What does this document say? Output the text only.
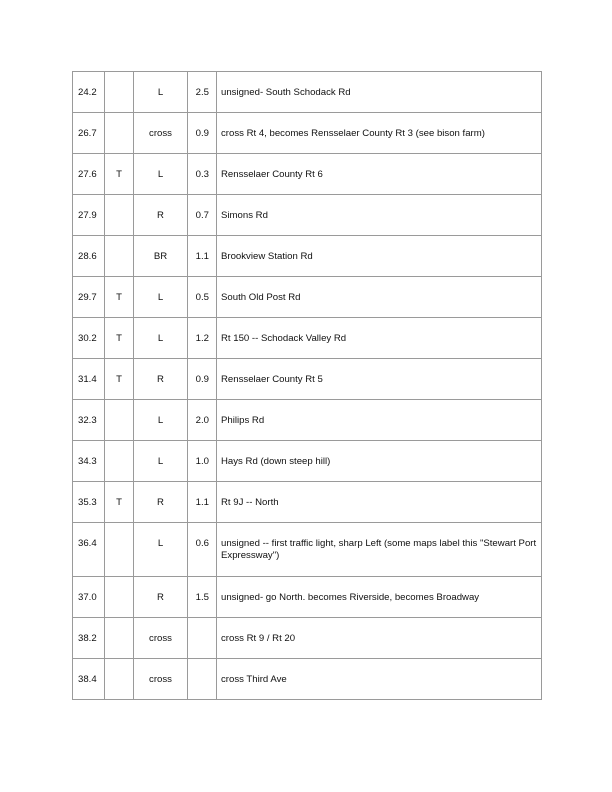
24.2		L	2.5	unsigned- South Schodack Rd
26.7		cross	0.9	cross Rt 4, becomes Rensselaer County Rt 3 (see bison farm)
27.6	T	L	0.3	Rensselaer County Rt 6
27.9		R	0.7	Simons Rd
28.6		BR	1.1	Brookview Station Rd
29.7	T	L	0.5	South Old Post Rd
30.2	T	L	1.2	Rt 150 -- Schodack Valley Rd
31.4	T	R	0.9	Rensselaer County Rt 5
32.3		L	2.0	Philips Rd
34.3		L	1.0	Hays Rd (down steep hill)
35.3	T	R	1.1	Rt 9J -- North
36.4		L	0.6	unsigned -- first traffic light, sharp Left (some maps label this "Stewart Port Expressway")
37.0		R	1.5	unsigned- go North. becomes Riverside, becomes Broadway
38.2		cross		cross Rt 9 / Rt 20
38.4		cross		cross Third Ave
